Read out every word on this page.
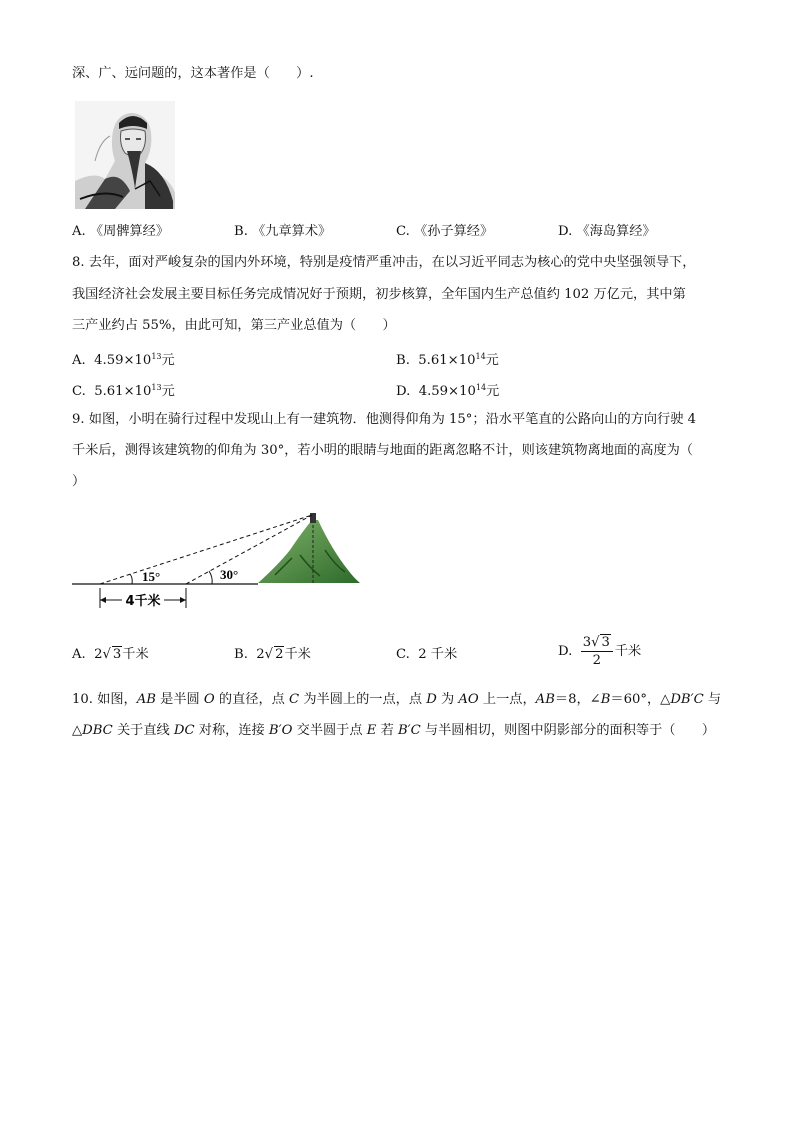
深、广、远问题的，这本著作是（　　）.
A. 《周髀算经》	B. 《九章算术》	C. 《孙子算经》	D. 《海岛算经》
8. 去年，面对严峻复杂的国内外环境，特别是疫情严重冲击，在以习近平同志为核心的党中央坚强领导下，
我国经济社会发展主要目标任务完成情况好于预期，初步核算，全年国内生产总值约 102 万亿元，其中第
三产业约占 55%，由此可知，第三产业总值为（　　）
A. $4.59\times 10^{13}$元	B. $5.61\times 10^{14}$元
C. $5.61\times 10^{13}$元	D. $4.59\times 10^{14}$元
9. 如图，小明在骑行过程中发现山上有一建筑物．他测得仰角为 15°；沿水平笔直的公路向山的方向行驶 4
千米后，测得该建筑物的仰角为 30°，若小明的眼睛与地面的距离忽略不计，则该建筑物离地面的高度为（
）
15°	30°
4千米
A. 2√ 3千米	B. 2√ 2千米	C. 2 千米	D. $\frac{3√ 3}{2}$ 千米
10. 如图，AB 是半圆 O 的直径，点 C 为半圆上的一点，点 D 为 AO 上一点，AB＝8，∠B＝60°，△DB′C 与
△DBC 关于直线 DC 对称，连接 B′O 交半圆于点 E 若 B′C 与半圆相切，则图中阴影部分的面积等于（　　）
